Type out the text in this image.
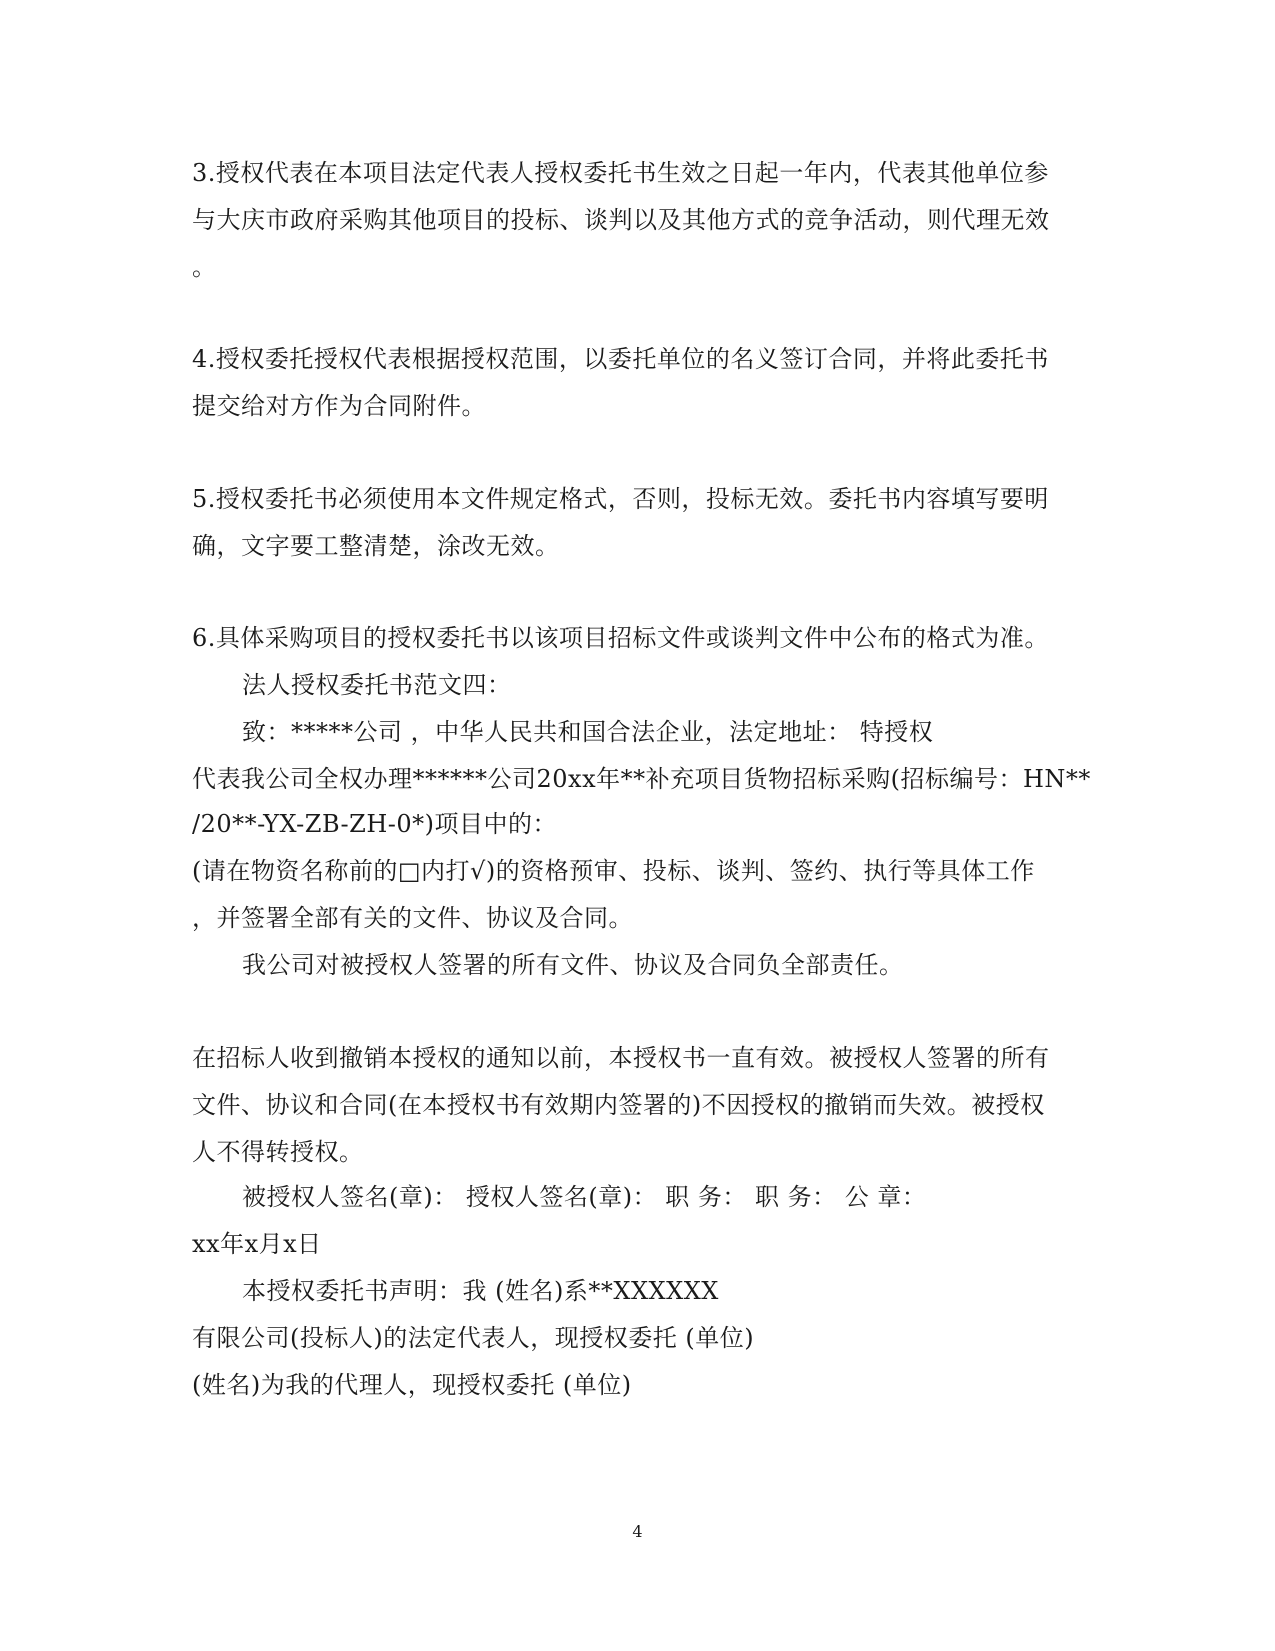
3.授权代表在本项目法定代表人授权委托书生效之日起一年内，代表其他单位参
与大庆市政府采购其他项目的投标、谈判以及其他方式的竞争活动，则代理无效
。
4.授权委托授权代表根据授权范围，以委托单位的名义签订合同，并将此委托书
提交给对方作为合同附件。
5.授权委托书必须使用本文件规定格式，否则，投标无效。委托书内容填写要明
确，文字要工整清楚，涂改无效。
6.具体采购项目的授权委托书以该项目招标文件或谈判文件中公布的格式为准。
法人授权委托书范文四：
致：*****公司 ，中华人民共和国合法企业，法定地址： 特授权
代表我公司全权办理******公司20xx年**补充项目货物招标采购(招标编号：HN**
/20**-YX-ZB-ZH-0*)项目中的：
(请在物资名称前的□内打√)的资格预审、投标、谈判、签约、执行等具体工作
，并签署全部有关的文件、协议及合同。
我公司对被授权人签署的所有文件、协议及合同负全部责任。
在招标人收到撤销本授权的通知以前，本授权书一直有效。被授权人签署的所有
文件、协议和合同(在本授权书有效期内签署的)不因授权的撤销而失效。被授权
人不得转授权。
被授权人签名(章)： 授权人签名(章)： 职 务： 职 务： 公 章：
xx年x月x日
本授权委托书声明：我 (姓名)系**XXXXXX
有限公司(投标人)的法定代表人，现授权委托 (单位)
(姓名)为我的代理人，现授权委托 (单位)
4
